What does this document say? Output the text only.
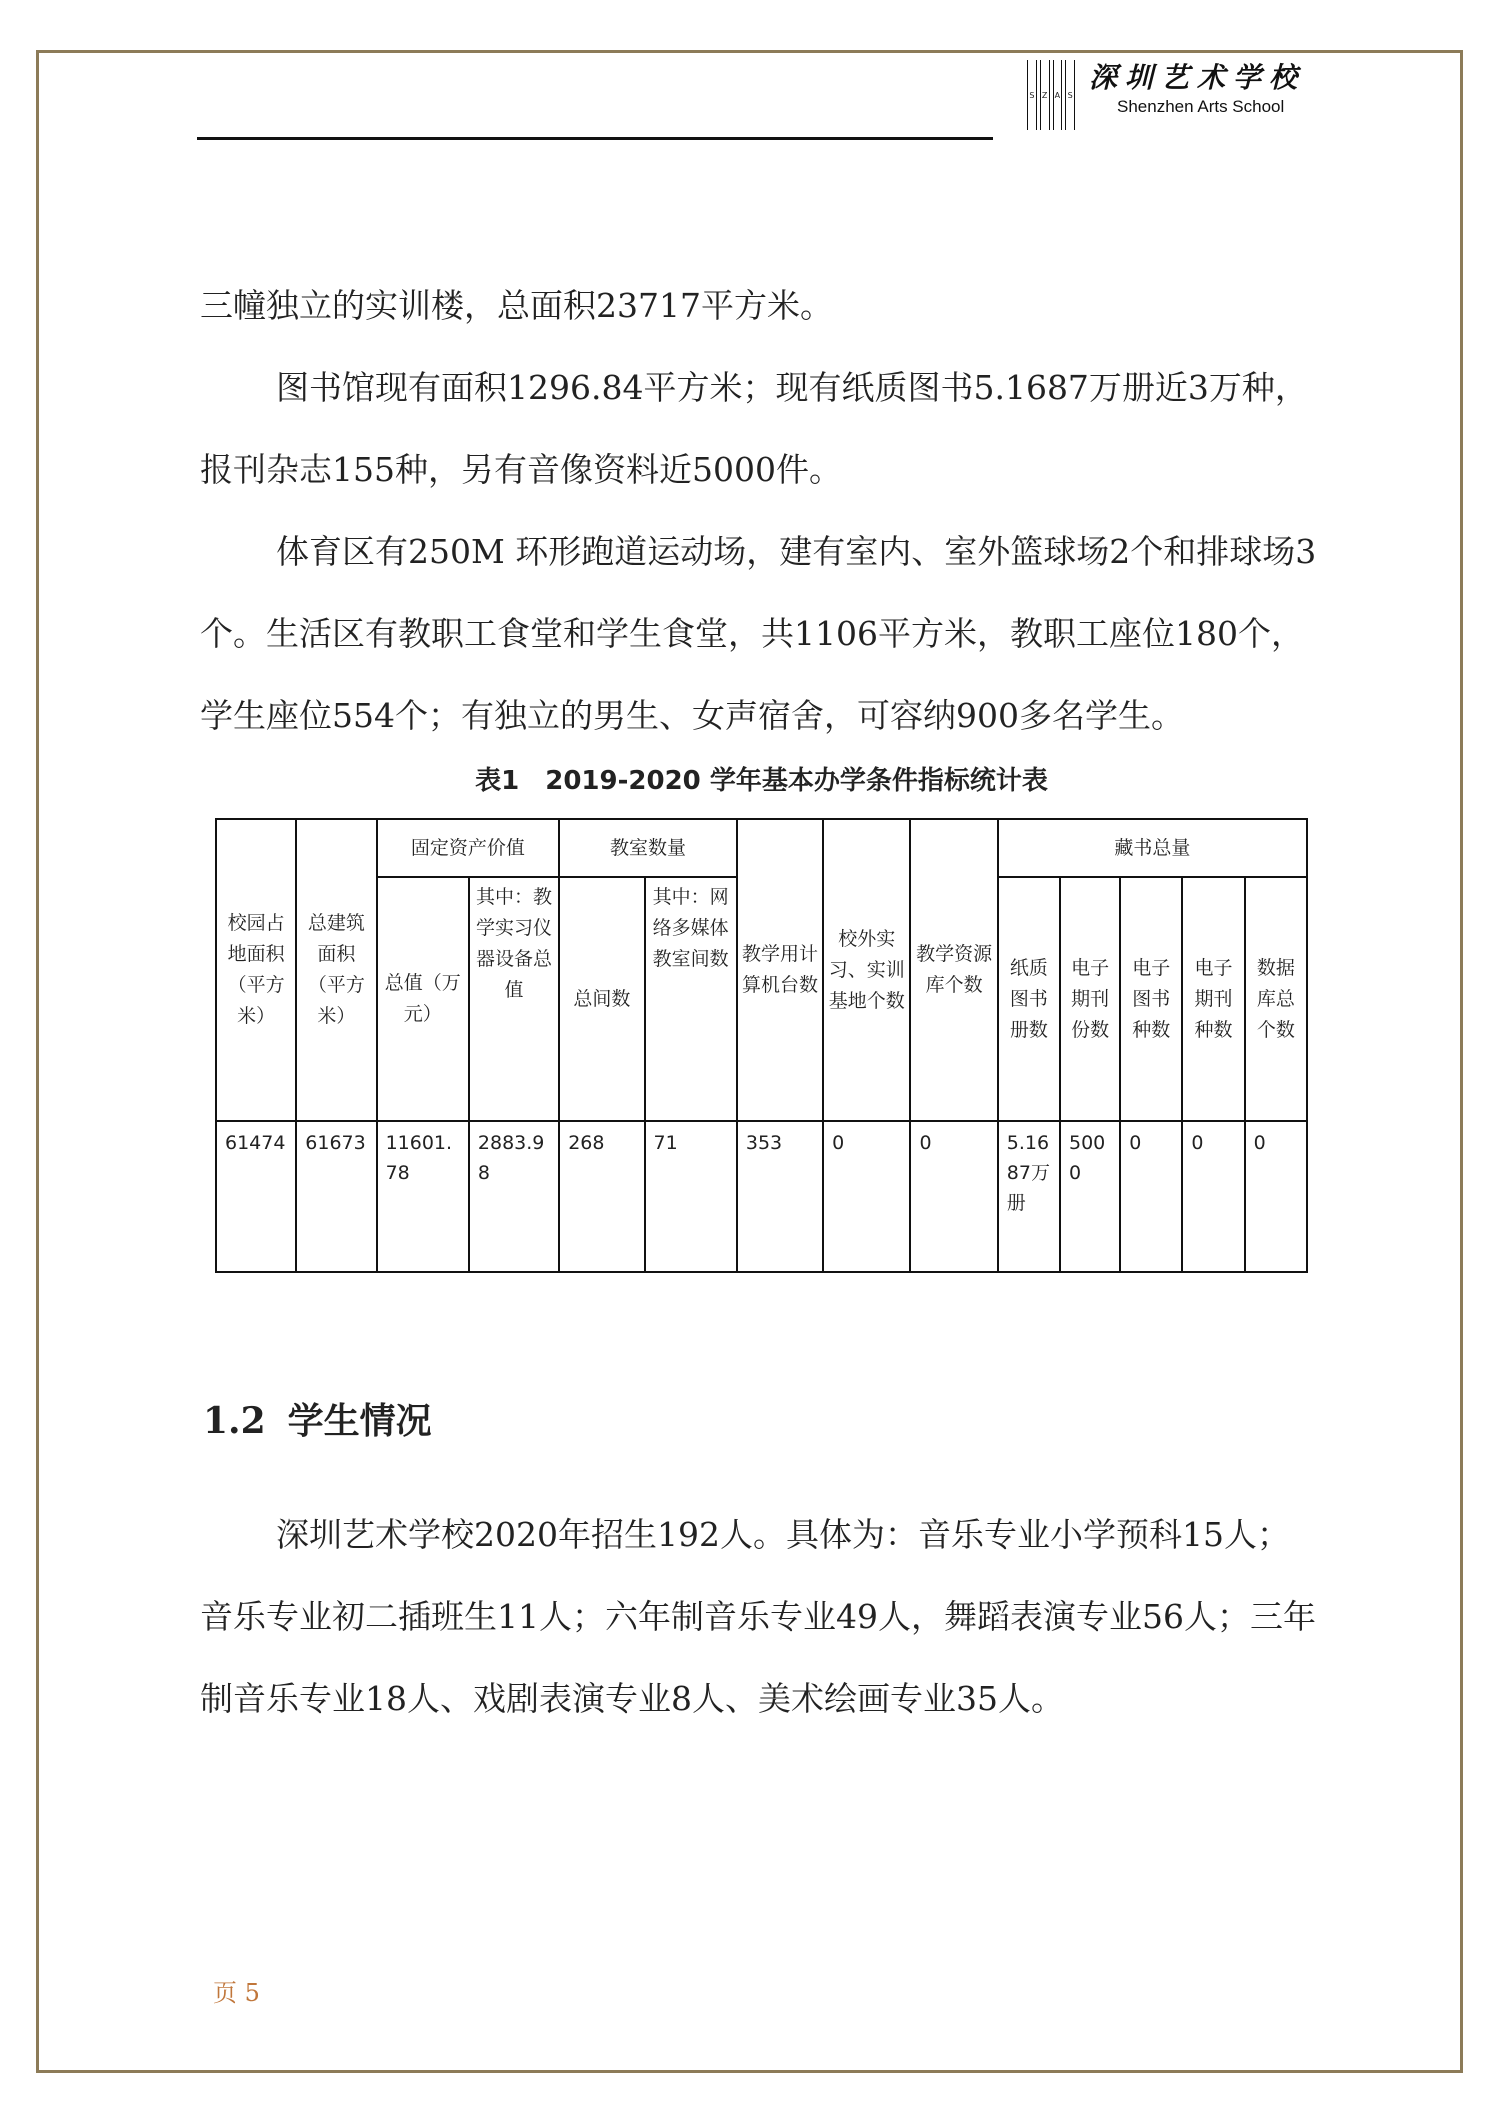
S Z A S
深圳艺术学校
Shenzhen Arts School

三幢独立的实训楼，总面积23717平方米。

图书馆现有面积1296.84平方米；现有纸质图书5.1687万册近3万种，报刊杂志155种，另有音像资料近5000件。

体育区有250M 环形跑道运动场，建有室内、室外篮球场2个和排球场3个。生活区有教职工食堂和学生食堂，共1106平方米，教职工座位180个，学生座位554个；有独立的男生、女声宿舍，可容纳900多名学生。

表1　2019-2020 学年基本办学条件指标统计表
校园占地面积（平方米）	总建筑面积（平方米）	固定资产价值		教室数量		教学用计算机台数	校外实习、实训基地个数	教学资源库个数	藏书总量				
		总值（万元）	其中：教学实习仪器设备总值	总间数	其中：网络多媒体教室间数				纸质图书册数	电子期刊份数	电子图书种数	电子期刊种数	数据库总个数
61474	61673	11601.78	2883.98	268	71	353	0	0	5.1687万册	5000	0	0	0
1.2 学生情况

深圳艺术学校2020年招生192人。具体为：音乐专业小学预科15人；音乐专业初二插班生11人；六年制音乐专业49人，舞蹈表演专业56人；三年制音乐专业18人、戏剧表演专业8人、美术绘画专业35人。

页 5
